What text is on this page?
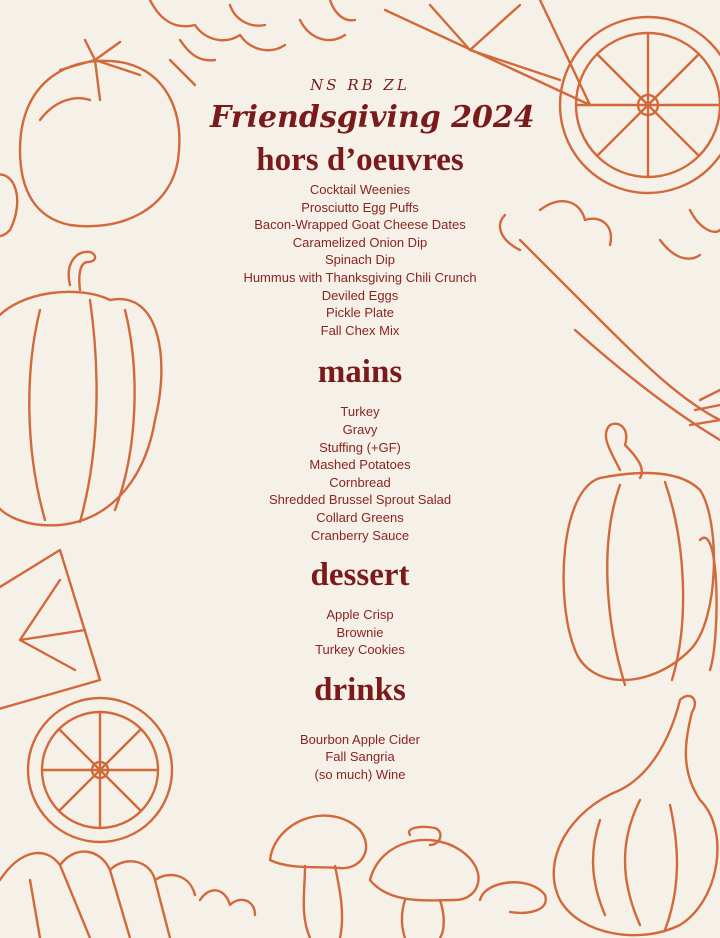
NS RB ZL
Friendsgiving 2024
hors d’oeuvres
Cocktail Weenies
Prosciutto Egg Puffs
Bacon-Wrapped Goat Cheese Dates
Caramelized Onion Dip
Spinach Dip
Hummus with Thanksgiving Chili Crunch
Deviled Eggs
Pickle Plate
Fall Chex Mix
mains
Turkey
Gravy
Stuffing (+GF)
Mashed Potatoes
Cornbread
Shredded Brussel Sprout Salad
Collard Greens
Cranberry Sauce
dessert
Apple Crisp
Brownie
Turkey Cookies
drinks
Bourbon Apple Cider
Fall Sangria
(so much) Wine
